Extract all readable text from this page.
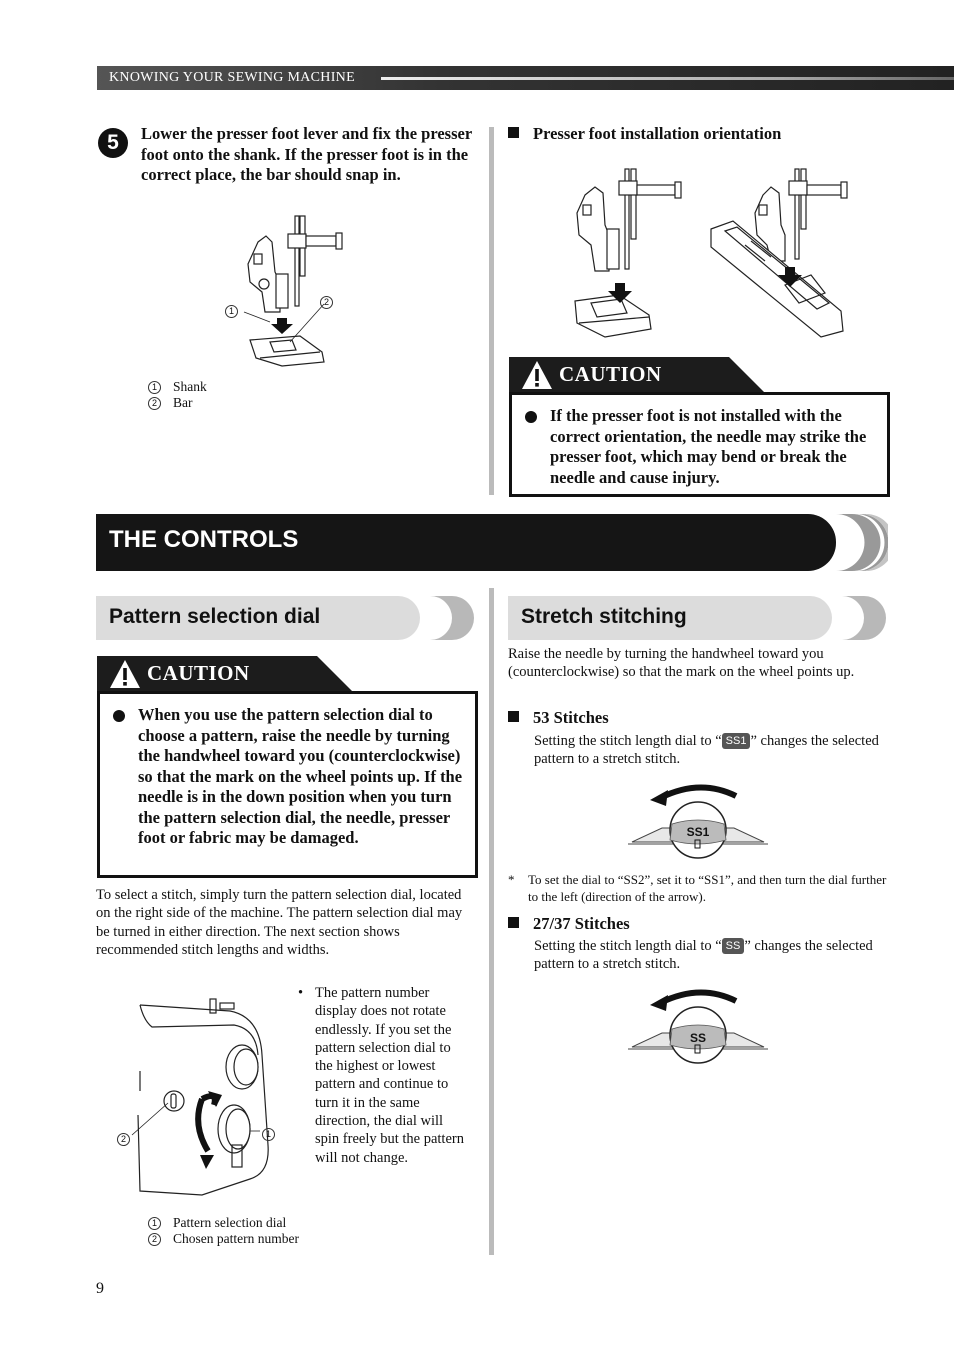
KNOWING YOUR SEWING MACHINE
5	Lower the presser foot lever and fix the presser foot onto the shank. If the presser foot is in the correct place, the bar should snap in.
1
2
1 Shank
2 Bar
Presser foot installation orientation
CAUTION
If the presser foot is not installed with the correct orientation, the needle may strike the presser foot, which may bend or break the needle and cause injury.
THE CONTROLS
Pattern selection dial
CAUTION
When you use the pattern selection dial to choose a pattern, raise the needle by turning the handwheel toward you (counterclockwise) so that the mark on the wheel points up. If the needle is in the down position when you turn the pattern selection dial, the needle, presser foot or fabric may be damaged.
To select a stitch, simply turn the pattern selection dial, located on the right side of the machine. The pattern selection dial may be turned in either direction. The next section shows recommended stitch lengths and widths.
2	1
• The pattern number display does not rotate endlessly. If you set the pattern selection dial to the highest or lowest pattern and continue to turn it in the same direction, the dial will spin freely but the pattern will not change.
1 Pattern selection dial
2 Chosen pattern number
Stretch stitching
Raise the needle by turning the handwheel toward you (counterclockwise) so that the mark on the wheel points up.
53 Stitches
Setting the stitch length dial to “ SS1 ” changes the selected pattern to a stretch stitch.
SS1
* To set the dial to “SS2”, set it to “SS1”, and then turn the dial further to the left (direction of the arrow).
27/37 Stitches
Setting the stitch length dial to “ SS ” changes the selected pattern to a stretch stitch.
SS
9
